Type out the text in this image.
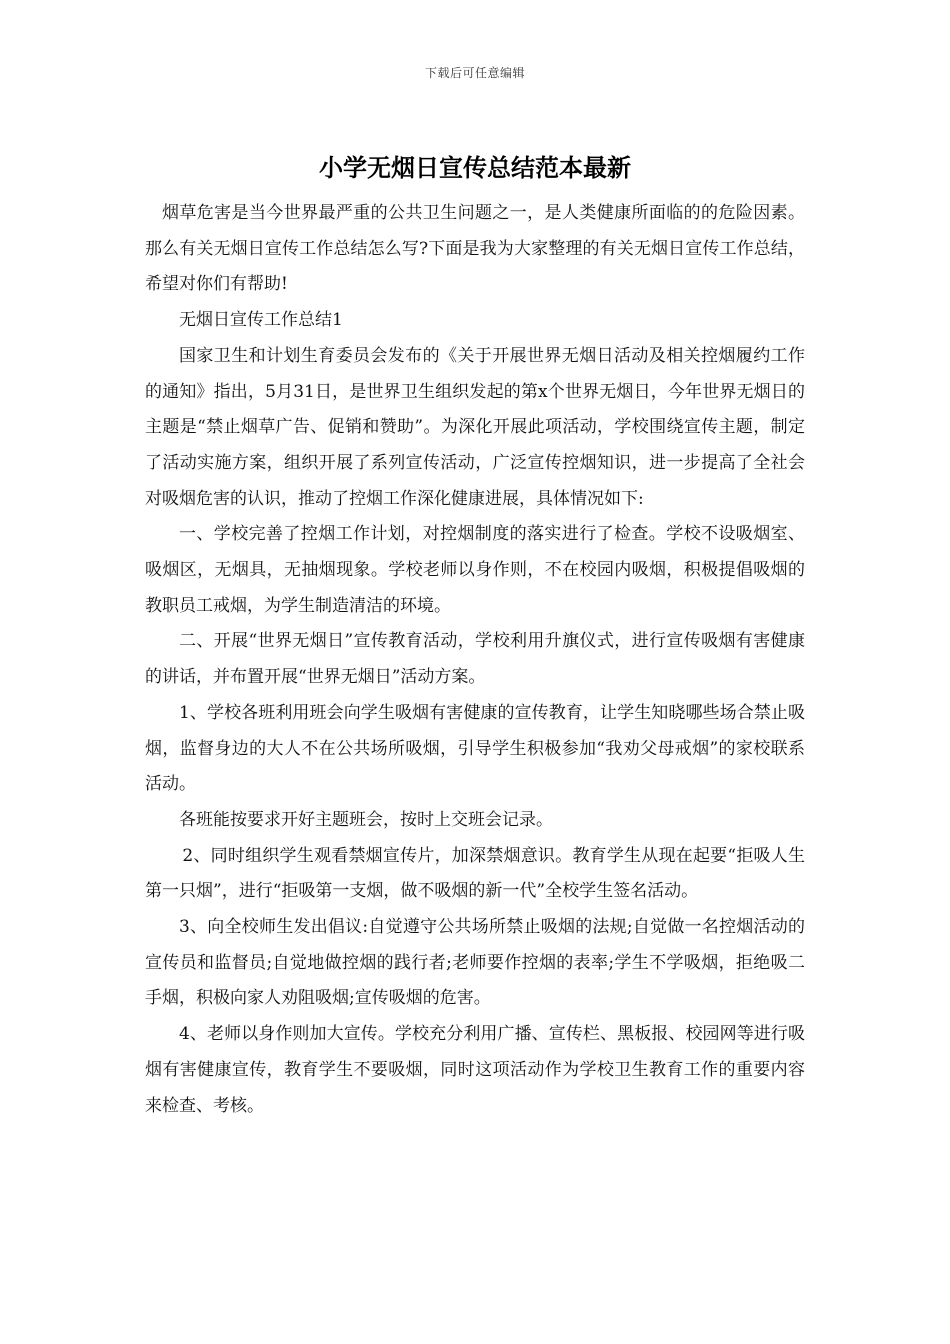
下载后可任意编辑
小学无烟日宣传总结范本最新

烟草危害是当今世界最严重的公共卫生问题之一，是人类健康所面临的的危险因素。那么有关无烟日宣传工作总结怎么写?下面是我为大家整理的有关无烟日宣传工作总结，希望对你们有帮助!

无烟日宣传工作总结1

国家卫生和计划生育委员会发布的《关于开展世界无烟日活动及相关控烟履约工作的通知》指出，5月31日，是世界卫生组织发起的第x个世界无烟日，今年世界无烟日的主题是“禁止烟草广告、促销和赞助”。为深化开展此项活动，学校围绕宣传主题，制定了活动实施方案，组织开展了系列宣传活动，广泛宣传控烟知识，进一步提高了全社会对吸烟危害的认识，推动了控烟工作深化健康进展，具体情况如下:

一、学校完善了控烟工作计划，对控烟制度的落实进行了检查。学校不设吸烟室、吸烟区，无烟具，无抽烟现象。学校老师以身作则，不在校园内吸烟，积极提倡吸烟的教职员工戒烟，为学生制造清洁的环境。

二、开展“世界无烟日”宣传教育活动，学校利用升旗仪式，进行宣传吸烟有害健康的讲话，并布置开展“世界无烟日”活动方案。

1、学校各班利用班会向学生吸烟有害健康的宣传教育，让学生知晓哪些场合禁止吸烟，监督身边的大人不在公共场所吸烟，引导学生积极参加“我劝父母戒烟”的家校联系活动。

各班能按要求开好主题班会，按时上交班会记录。

2、同时组织学生观看禁烟宣传片，加深禁烟意识。教育学生从现在起要“拒吸人生第一只烟”，进行“拒吸第一支烟，做不吸烟的新一代”全校学生签名活动。

3、向全校师生发出倡议:自觉遵守公共场所禁止吸烟的法规;自觉做一名控烟活动的宣传员和监督员;自觉地做控烟的践行者;老师要作控烟的表率;学生不学吸烟，拒绝吸二手烟，积极向家人劝阻吸烟;宣传吸烟的危害。

4、老师以身作则加大宣传。学校充分利用广播、宣传栏、黑板报、校园网等进行吸烟有害健康宣传，教育学生不要吸烟，同时这项活动作为学校卫生教育工作的重要内容来检查、考核。
